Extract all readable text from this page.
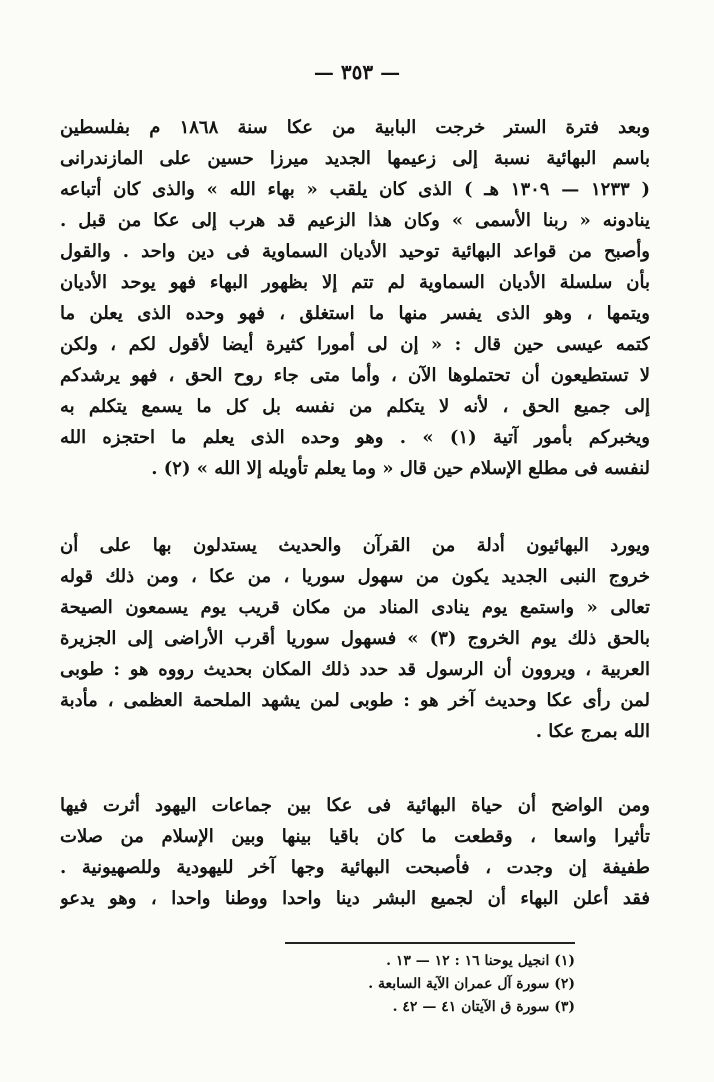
— ٣٥٣ —
وبعد فترة الستر خرجت البابية من عكا سنة ١٨٦٨ م بفلسطين
باسم البهائية نسبة إلى زعيمها الجديد ميرزا حسين على المازندرانى
( ١٢٣٣ — ١٣٠٩ هـ ) الذى كان يلقب « بهاء الله » والذى كان أتباعه
ينادونه « ربنا الأسمى » وكان هذا الزعيم قد هرب إلى عكا من قبل .
وأصبح من قواعد البهائية توحيد الأديان السماوية فى دين واحد . والقول
بأن سلسلة الأديان السماوية لم تتم إلا بظهور البهاء فهو يوحد الأديان
ويتمها ، وهو الذى يفسر منها ما استغلق ، فهو وحده الذى يعلن ما
كتمه عيسى حين قال : « إن لى أمورا كثيرة أيضا لأقول لكم ، ولكن
لا تستطيعون أن تحتملوها الآن ، وأما متى جاء روح الحق ، فهو يرشدكم
إلى جميع الحق ، لأنه لا يتكلم من نفسه بل كل ما يسمع يتكلم به
ويخبركم بأمور آتية (١) » . وهو وحده الذى يعلم ما احتجزه الله
لنفسه فى مطلع الإسلام حين قال « وما يعلم تأويله إلا الله » (٢) .
ويورد البهائيون أدلة من القرآن والحديث يستدلون بها على أن
خروج النبى الجديد يكون من سهول سوريا ، من عكا ، ومن ذلك قوله
تعالى « واستمع يوم ينادى المناد من مكان قريب يوم يسمعون الصيحة
بالحق ذلك يوم الخروج (٣) » فسهول سوريا أقرب الأراضى إلى الجزيرة
العربية ، ويروون أن الرسول قد حدد ذلك المكان بحديث رووه هو : طوبى
لمن رأى عكا وحديث آخر هو : طوبى لمن يشهد الملحمة العظمى ، مأدبة
الله بمرج عكا .
ومن الواضح أن حياة البهائية فى عكا بين جماعات اليهود أثرت فيها
تأثيرا واسعا ، وقطعت ما كان باقيا بينها وبين الإسلام من صلات
طفيفة إن وجدت ، فأصبحت البهائية وجها آخر لليهودية وللصهيونية .
فقد أعلن البهاء أن لجميع البشر دينا واحدا ووطنا واحدا ، وهو يدعو
(١) انجيل يوحنا ١٦ : ١٢ — ١٣ .
(٢) سورة آل عمران الآية السابعة .
(٣) سورة ق الآيتان ٤١ — ٤٢ .
